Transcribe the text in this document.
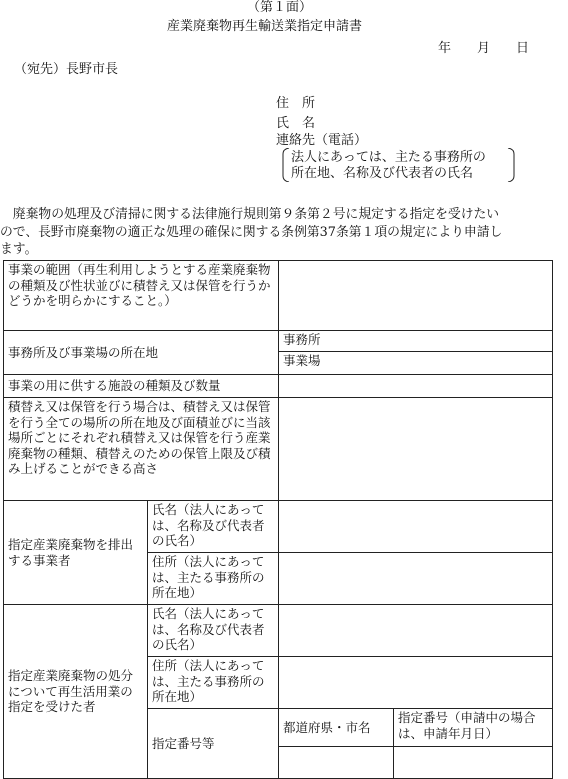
（第１面）
産業廃棄物再生輸送業指定申請書
年　　月　　日
（宛先）長野市長
住　所
氏　名
連絡先（電話）
法人にあっては、主たる事務所の
所在地、名称及び代表者の氏名
　廃棄物の処理及び清掃に関する法律施行規則第９条第２号に規定する指定を受けたい
ので、長野市廃棄物の適正な処理の確保に関する条例第37条第１項の規定により申請し
ます。
事業の範囲（再生利用しようとする産業廃棄物の種類及び性状並びに積替え又は保管を行うかどうかを明らかにすること。）			
事務所及び事業場の所在地		事務所	
		事業場	
事業の用に供する施設の種類及び数量			
積替え又は保管を行う場合は、積替え又は保管を行う全ての場所の所在地及び面積並びに当該場所ごとにそれぞれ積替え又は保管を行う産業廃棄物の種類、積替えのための保管上限及び積み上げることができる高さ			
指定産業廃棄物を排出する事業者	氏名（法人にあっては、名称及び代表者の氏名）		
	住所（法人にあっては、主たる事務所の所在地）		
指定産業廃棄物の処分について再生活用業の指定を受けた者	氏名（法人にあっては、名称及び代表者の氏名）		
	住所（法人にあっては、主たる事務所の所在地）		
	指定番号等	都道府県・市名	指定番号（申請中の場合は、申請年月日）
